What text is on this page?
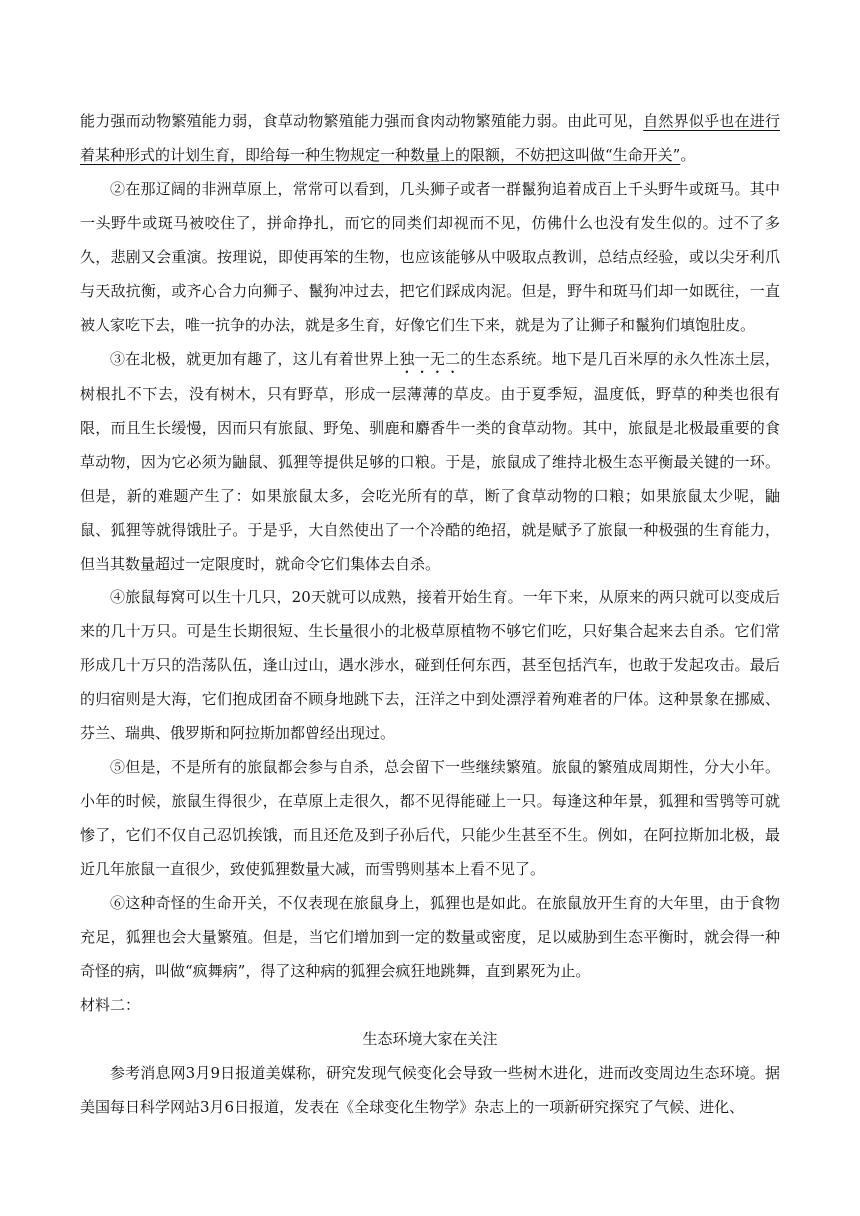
能力强而动物繁殖能力弱，食草动物繁殖能力强而食肉动物繁殖能力弱。由此可见，自然界似乎也在进行着某种形式的计划生育，即给每一种生物规定一种数量上的限额，不妨把这叫做“生命开关”。

②在那辽阔的非洲草原上，常常可以看到，几头狮子或者一群鬣狗追着成百上千头野牛或斑马。其中一头野牛或斑马被咬住了，拼命挣扎，而它的同类们却视而不见，仿佛什么也没有发生似的。过不了多久，悲剧又会重演。按理说，即使再笨的生物，也应该能够从中吸取点教训，总结点经验，或以尖牙利爪与天敌抗衡，或齐心合力向狮子、鬣狗冲过去，把它们踩成肉泥。但是，野牛和斑马们却一如既往，一直被人家吃下去，唯一抗争的办法，就是多生育，好像它们生下来，就是为了让狮子和鬣狗们填饱肚皮。

③在北极，就更加有趣了，这儿有着世界上独一无二的生态系统。地下是几百米厚的永久性冻土层，树根扎不下去，没有树木，只有野草，形成一层薄薄的草皮。由于夏季短，温度低，野草的种类也很有限，而且生长缓慢，因而只有旅鼠、野兔、驯鹿和麝香牛一类的食草动物。其中，旅鼠是北极最重要的食草动物，因为它必须为鼬鼠、狐狸等提供足够的口粮。于是，旅鼠成了维持北极生态平衡最关键的一环。但是，新的难题产生了：如果旅鼠太多，会吃光所有的草，断了食草动物的口粮；如果旅鼠太少呢，鼬鼠、狐狸等就得饿肚子。于是乎，大自然使出了一个冷酷的绝招，就是赋予了旅鼠一种极强的生育能力，但当其数量超过一定限度时，就命令它们集体去自杀。

④旅鼠每窝可以生十几只，20天就可以成熟，接着开始生育。一年下来，从原来的两只就可以变成后来的几十万只。可是生长期很短、生长量很小的北极草原植物不够它们吃，只好集合起来去自杀。它们常形成几十万只的浩荡队伍，逢山过山，遇水涉水，碰到任何东西，甚至包括汽车，也敢于发起攻击。最后的归宿则是大海，它们抱成团奋不顾身地跳下去，汪洋之中到处漂浮着殉难者的尸体。这种景象在挪威、芬兰、瑞典、俄罗斯和阿拉斯加都曾经出现过。

⑤但是，不是所有的旅鼠都会参与自杀，总会留下一些继续繁殖。旅鼠的繁殖成周期性，分大小年。小年的时候，旅鼠生得很少，在草原上走很久，都不见得能碰上一只。每逢这种年景，狐狸和雪鸮等可就惨了，它们不仅自己忍饥挨饿，而且还危及到子孙后代，只能少生甚至不生。例如，在阿拉斯加北极，最近几年旅鼠一直很少，致使狐狸数量大减，而雪鸮则基本上看不见了。

⑥这种奇怪的生命开关，不仅表现在旅鼠身上，狐狸也是如此。在旅鼠放开生育的大年里，由于食物充足，狐狸也会大量繁殖。但是，当它们增加到一定的数量或密度，足以威胁到生态平衡时，就会得一种奇怪的病，叫做“疯舞病”，得了这种病的狐狸会疯狂地跳舞，直到累死为止。

材料二：

生态环境大家在关注

参考消息网3月9日报道美媒称，研究发现气候变化会导致一些树木进化，进而改变周边生态环境。据美国每日科学网站3月6日报道，发表在《全球变化生物学》杂志上的一项新研究探究了气候、进化、
